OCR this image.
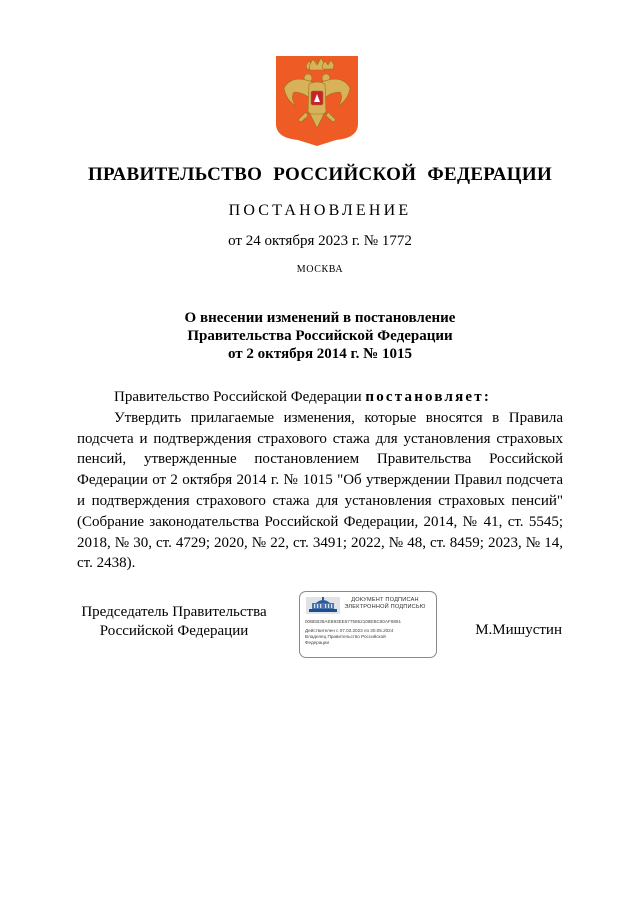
ПРАВИТЕЛЬСТВО РОССИЙСКОЙ ФЕДЕРАЦИИ
ПОСТАНОВЛЕНИЕ
от 24 октября 2023 г. № 1772
МОСКВА
О внесении изменений в постановление
Правительства Российской Федерации
от 2 октября 2014 г. № 1015

Правительство Российской Федерации постановляет:

Утвердить прилагаемые изменения, которые вносятся в Правила подсчета и подтверждения страхового стажа для установления страховых пенсий, утвержденные постановлением Правительства Российской Федерации от 2 октября 2014 г. № 1015 "Об утверждении Правил подсчета и подтверждения страхового стажа для установления страховых пенсий" (Собрание законодательства Российской Федерации, 2014, № 41, ст. 5545; 2018, № 30, ст. 4729; 2020, № 22, ст. 3491; 2022, № 48, ст. 8459; 2023, № 14, ст. 2438).

Председатель Правительства
Российской Федерации
ДОКУМЕНТ ПОДПИСАН
ЭЛЕКТРОННОЙ ПОДПИСЬЮ
00BEB38AEB93EE6775952108EBC80AF8891
Действителен с 07.03.2023 по 30.05.2024
Владелец Правительство Российской
Федерации
М.Мишустин
